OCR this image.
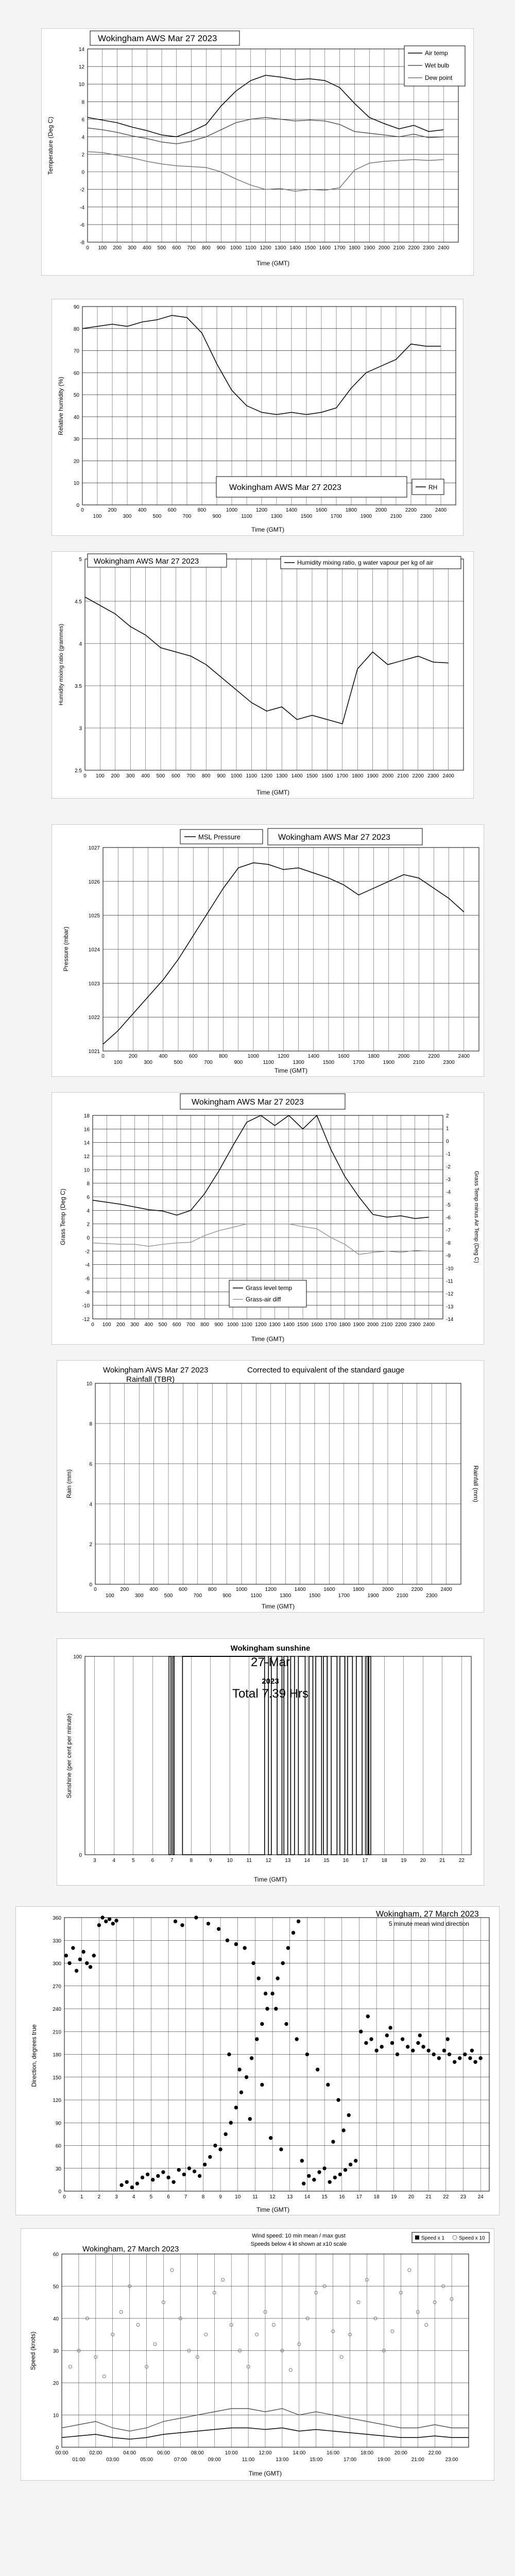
-8
-6
-4
-2
0
2
4
6
8
10
12
14
0 100 200 300 400 500 600 700 800 900 1000 1100 1200 1300 1400 1500 1600 1700 1800 1900 2000 2100 2200 2300 2400
Wokingham AWS Mar 27 2023
Time (GMT)
Temperature (Deg C)
Air temp
Wet bulb
Dew point
0
10
20
30
40
50
60
70
80
90
0	200	400	600	800	1000	1200	1400	1600	1800	2000	2200	2400
100	300	500	700	900	1100	1300	1500	1700	1900	2100	2300
Time (GMT)
Relative humidity (%)
Wokingham AWS Mar 27 2023	RH
2.5
3
3.5
4
4.5
5
0 100 200 300 400 500 600 700 800 900 1000 1100 1200 1300 1400 1500 1600 1700 1800 1900 2000 2100 2200 2300 2400
Time (GMT)
Humidity mixing ratio (grammes)
Wokingham AWS Mar 27 2023	Humidity mixing ratio, g water vapour per kg of air
1021
1022
1023
1024
1025
1026
1027
0	200	400	600	800	1000	1200	1400	1600	1800	2000	2200	2400
100	300	500	700	900	1100	1300	1500	1700	1900	2100	2300
Time (GMT)
Pressure (mbar)
MSL Pressure	Wokingham AWS Mar 27 2023
-12
-10
-8
-6
-4
-2
0
2
4
6
8
10
12
14
16
18
-14
-13
-12
-11
-10
-9
-8
-7
-6
-5
-4
-3
-2
-1
0
1
2
0 100 200 300 400 500 600 700 800 900 1000 1100 1200 1300 1400 1500 1600 1700 1800 1900 2000 2100 2200 2300 2400
Wokingham AWS Mar 27 2023
Time (GMT)
Grass Temp (Deg C)	Grass Temp minus Air Temp (Deg C)
Grass level temp
Grass-air diff
0
2
4
6
8
10
0	200	400	600	800	1000	1200	1400	1600	1800	2000	2200	2400
100	300	500	700	900	1100	1300	1500	1700	1900	2100	2300
Wokingham AWS Mar 27 2023
Rainfall (TBR)
Corrected to equivalent of the standard gauge
Time (GMT)
Rain (mm)	Rainfall (mm)
0
100
3	4	5	6	7	8	9	10	11	12	13	14	15	16	17	18	19	20	21	22
Wokingham sunshine
27-Mar
2023
Total 7.39 Hrs
Time (GMT)
Sunshine (per cent per minute)
0
30
60
90
120
150
180
210
240
270
300
330
360
0	1	2	3	4	5	6	7	8	9	10 11 12 13 14 15 16 17 18 19 20 21 22 23 24
Wokingham, 27 March 2023
5 minute mean wind direction
Time (GMT)
Direction, degrees true
0
10
20
30
40
50
60
00:00	02:00	04:00	06:00	08:00	10:00	12:00	14:00	16:00	18:00	20:00	22:00
01:00	03:00	05:00	07:00	09:00	11:00	13:00	15:00	17:00	19:00	21:00	23:00
Wokingham, 27 March 2023
Wind speed: 10 min mean / max gust
Speeds below 4 kt shown at x10 scale
Speed x 1	Speed x 10
Time (GMT)
Speed (knots)
